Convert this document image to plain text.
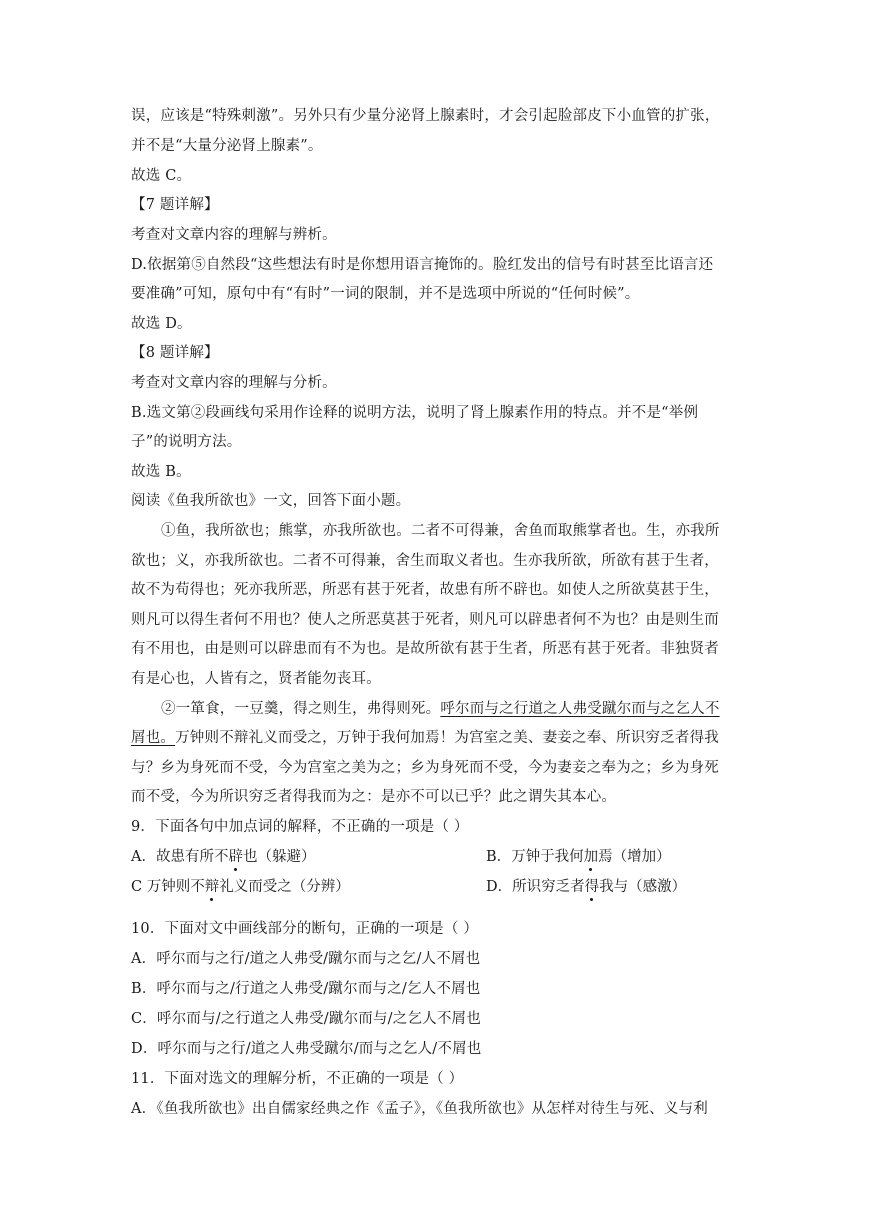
误，应该是“特殊刺激”。另外只有少量分泌肾上腺素时，才会引起脸部皮下小血管的扩张，
并不是“大量分泌肾上腺素”。
故选 C。
【7 题详解】
考查对文章内容的理解与辨析。
D.依据第⑤自然段“这些想法有时是你想用语言掩饰的。脸红发出的信号有时甚至比语言还
要准确”可知，原句中有“有时”一词的限制，并不是选项中所说的“任何时候”。
故选 D。
【8 题详解】
考查对文章内容的理解与分析。
B.选文第②段画线句采用作诠释的说明方法，说明了肾上腺素作用的特点。并不是“举例
子”的说明方法。
故选 B。
阅读《鱼我所欲也》一文，回答下面小题。
①鱼，我所欲也；熊掌，亦我所欲也。二者不可得兼，舍鱼而取熊掌者也。生，亦我所
欲也；义，亦我所欲也。二者不可得兼，舍生而取义者也。生亦我所欲，所欲有甚于生者，
故不为苟得也；死亦我所恶，所恶有甚于死者，故患有所不辟也。如使人之所欲莫甚于生，
则凡可以得生者何不用也？使人之所恶莫甚于死者，则凡可以辟患者何不为也？由是则生而
有不用也，由是则可以辟患而有不为也。是故所欲有甚于生者，所恶有甚于死者。非独贤者
有是心也，人皆有之，贤者能勿丧耳。
②一箪食，一豆羹，得之则生，弗得则死。呼尔而与之行道之人弗受蹴尔而与之乞人不
屑也。万钟则不辩礼义而受之，万钟于我何加焉！为宫室之美、妻妾之奉、所识穷乏者得我
与？乡为身死而不受，今为宫室之美为之；乡为身死而不受，今为妻妾之奉为之；乡为身死
而不受，今为所识穷乏者得我而为之：是亦不可以已乎？此之谓失其本心。
9．下面各句中加点词的解释，不正确的一项是（ ）
A．故患有所不辟也（躲避）	B．万钟于我何加焉（增加）
C 万钟则不辩礼义而受之（分辨）	D．所识穷乏者得我与（感激）
10．下面对文中画线部分的断句，正确的一项是（ ）
A．呼尔而与之行/道之人弗受/蹴尔而与之乞/人不屑也
B．呼尔而与之/行道之人弗受/蹴尔而与之/乞人不屑也
C．呼尔而与/之行道之人弗受/蹴尔而与/之乞人不屑也
D．呼尔而与之行/道之人弗受蹴尔/而与之乞人/不屑也
11．下面对选文的理解分析，不正确的一项是（ ）
A．《鱼我所欲也》出自儒家经典之作《孟子》，《鱼我所欲也》从怎样对待生与死、义与利
